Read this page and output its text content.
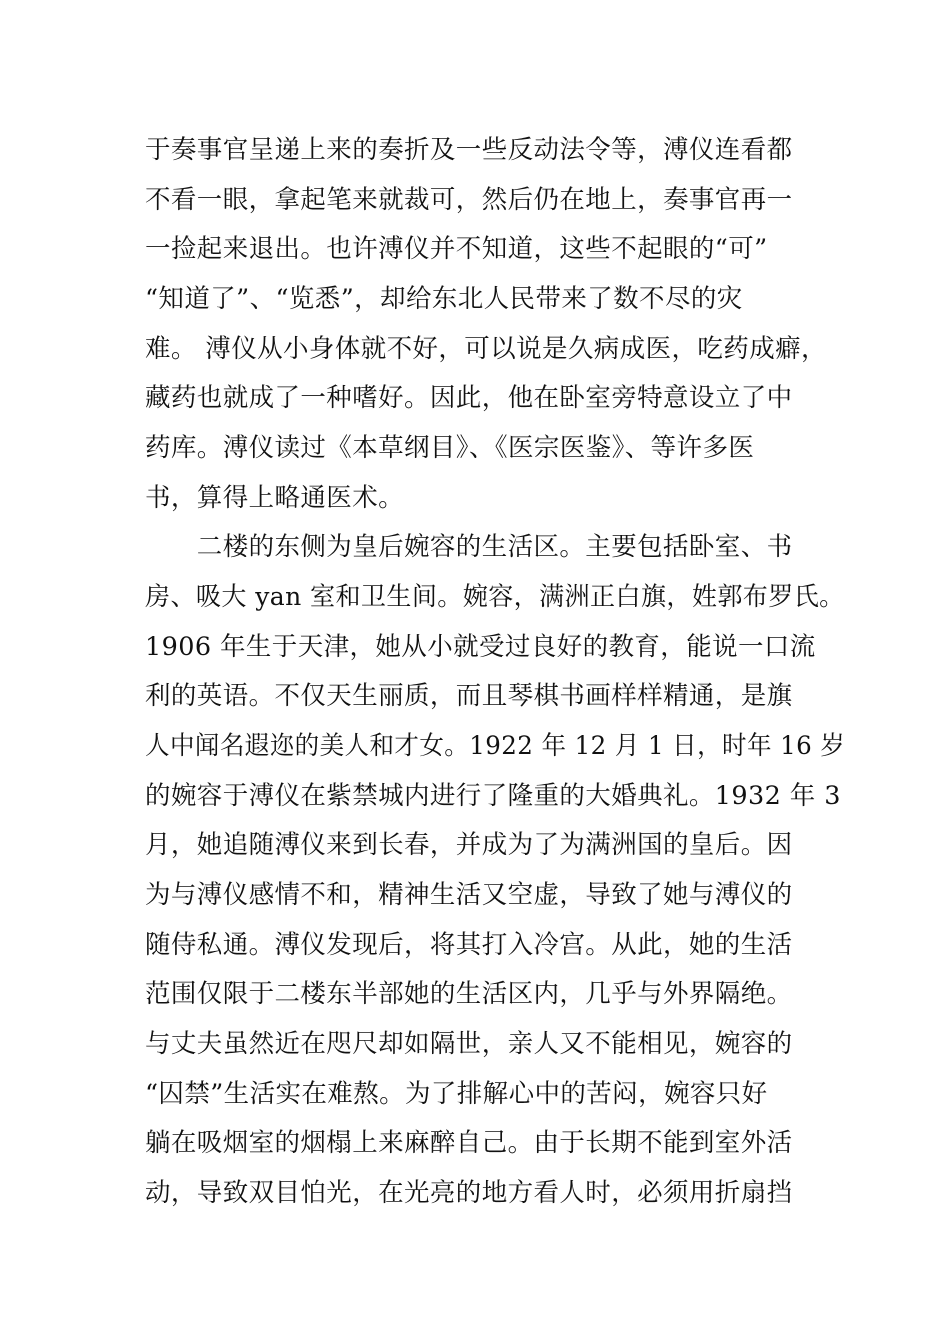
于奏事官呈递上来的奏折及一些反动法令等，溥仪连看都
不看一眼，拿起笔来就裁可，然后仍在地上，奏事官再一
一捡起来退出。也许溥仪并不知道，这些不起眼的“可”
“知道了”、“览悉”，却给东北人民带来了数不尽的灾
难。 溥仪从小身体就不好，可以说是久病成医，吃药成癖，
藏药也就成了一种嗜好。因此，他在卧室旁特意设立了中
药库。溥仪读过《本草纲目》、《医宗医鉴》、等许多医
书，算得上略通医术。
　　二楼的东侧为皇后婉容的生活区。主要包括卧室、书
房、吸大 yan 室和卫生间。婉容，满洲正白旗，姓郭布罗氏。
1906 年生于天津，她从小就受过良好的教育，能说一口流
利的英语。不仅天生丽质，而且琴棋书画样样精通，是旗
人中闻名遐迩的美人和才女。1922 年 12 月 1 日，时年 16 岁
的婉容于溥仪在紫禁城内进行了隆重的大婚典礼。1932 年 3
月，她追随溥仪来到长春，并成为了为满洲国的皇后。因
为与溥仪感情不和，精神生活又空虚，导致了她与溥仪的
随侍私通。溥仪发现后，将其打入冷宫。从此，她的生活
范围仅限于二楼东半部她的生活区内，几乎与外界隔绝。
与丈夫虽然近在咫尺却如隔世，亲人又不能相见，婉容的
“囚禁”生活实在难熬。为了排解心中的苦闷，婉容只好
躺在吸烟室的烟榻上来麻醉自己。由于长期不能到室外活
动，导致双目怕光，在光亮的地方看人时，必须用折扇挡
